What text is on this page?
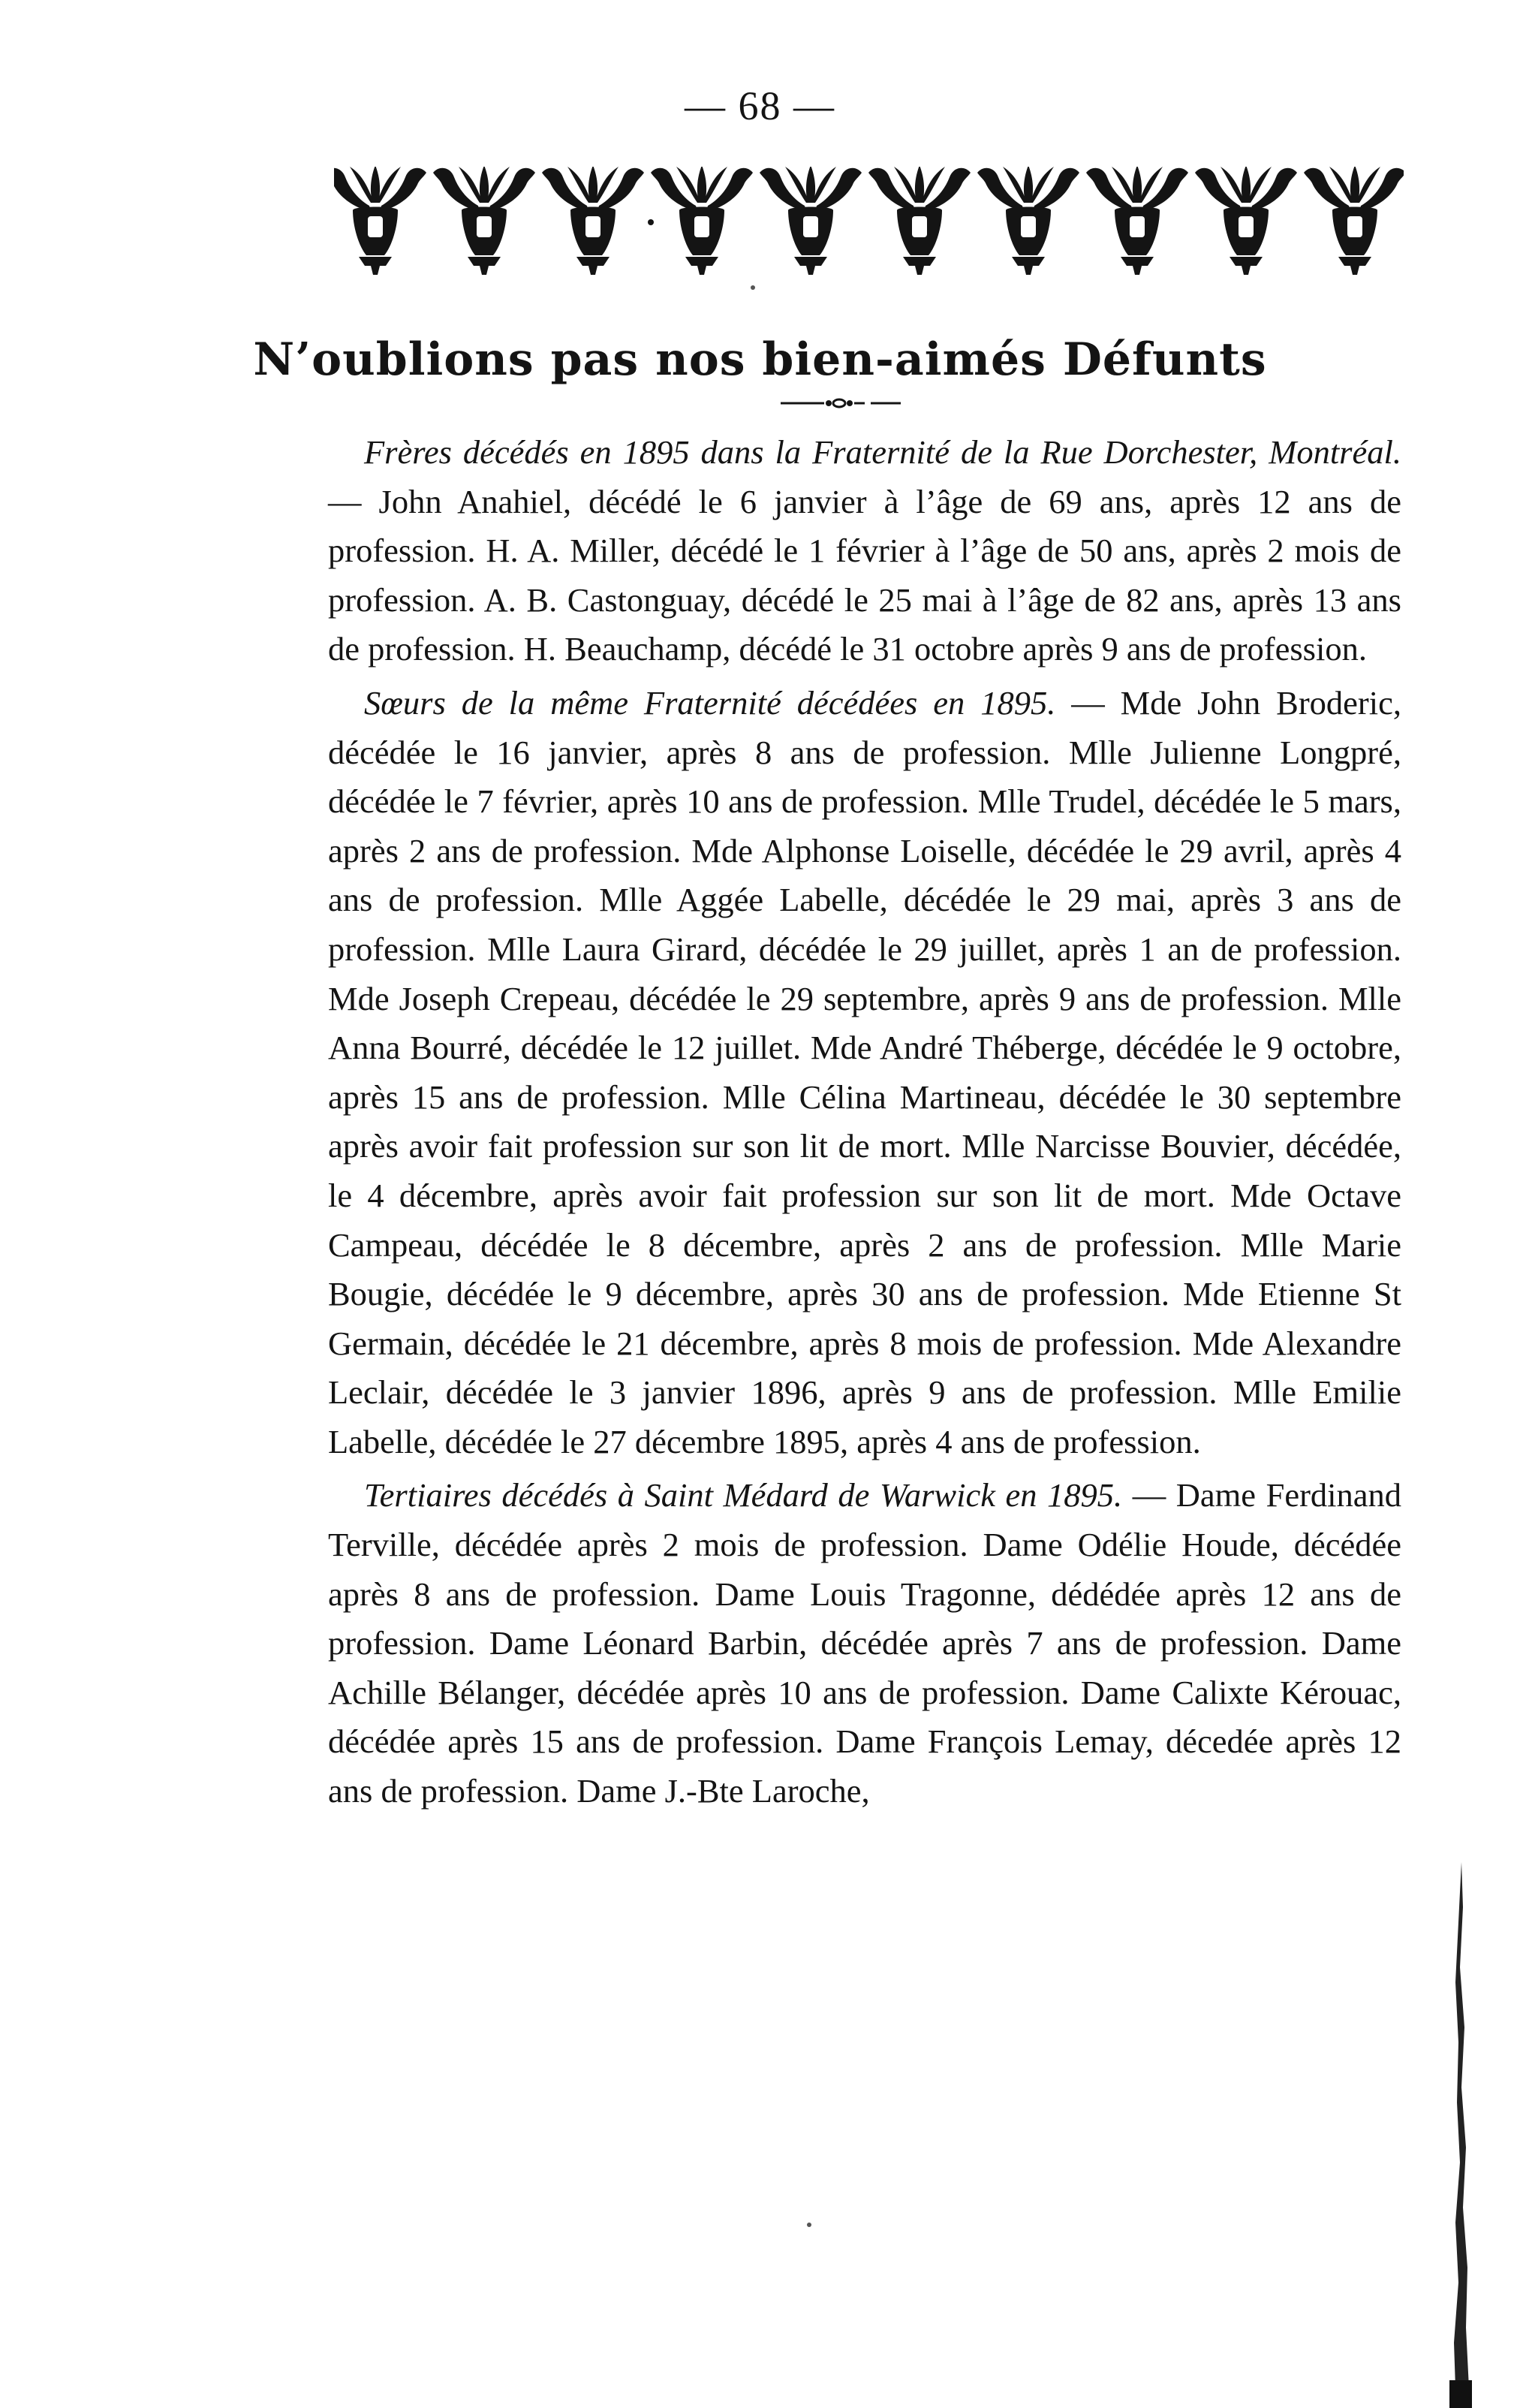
— 68 —
N’oublions pas nos bien-aimés Défunts

Frères décédés en 1895 dans la Fraternité de la Rue Dorchester, Montréal. — John Anahiel, décédé le 6 janvier à l’âge de 69 ans, après 12 ans de profession. H. A. Miller, décédé le 1 février à l’âge de 50 ans, après 2 mois de profession. A. B. Castonguay, décédé le 25 mai à l’âge de 82 ans, après 13 ans de profession. H. Beauchamp, décédé le 31 octobre après 9 ans de profession.

Sœurs de la même Fraternité décédées en 1895. — Mde John Broderic, décédée le 16 janvier, après 8 ans de profession. Mlle Julienne Longpré, décédée le 7 février, après 10 ans de profession. Mlle Trudel, décédée le 5 mars, après 2 ans de profession. Mde Alphonse Loiselle, décédée le 29 avril, après 4 ans de profession. Mlle Aggée Labelle, décédée le 29 mai, après 3 ans de profession. Mlle Laura Girard, décédée le 29 juillet, après 1 an de profession. Mde Joseph Crepeau, décédée le 29 septembre, après 9 ans de profession. Mlle Anna Bourré, décédée le 12 juillet. Mde André Théberge, décédée le 9 octobre, après 15 ans de profession. Mlle Célina Martineau, décédée le 30 septembre après avoir fait profession sur son lit de mort. Mlle Narcisse Bouvier, décédée, le 4 décembre, après avoir fait profession sur son lit de mort. Mde Octave Campeau, décédée le 8 décembre, après 2 ans de profession. Mlle Marie Bougie, décédée le 9 décembre, après 30 ans de profession. Mde Etienne St Germain, décédée le 21 décembre, après 8 mois de profession. Mde Alexandre Leclair, décédée le 3 janvier 1896, après 9 ans de profession. Mlle Emilie Labelle, décédée le 27 décembre 1895, après 4 ans de profession.

Tertiaires décédés à Saint Médard de Warwick en 1895. — Dame Ferdinand Terville, décédée après 2 mois de profession. Dame Odélie Houde, décédée après 8 ans de profession. Dame Louis Tragonne, dédédée après 12 ans de profession. Dame Léonard Barbin, décédée après 7 ans de profession. Dame Achille Bélanger, décédée après 10 ans de profession. Dame Calixte Kérouac, décédée après 15 ans de profession. Dame François Lemay, décedée après 12 ans de profession. Dame J.-Bte Laroche,
